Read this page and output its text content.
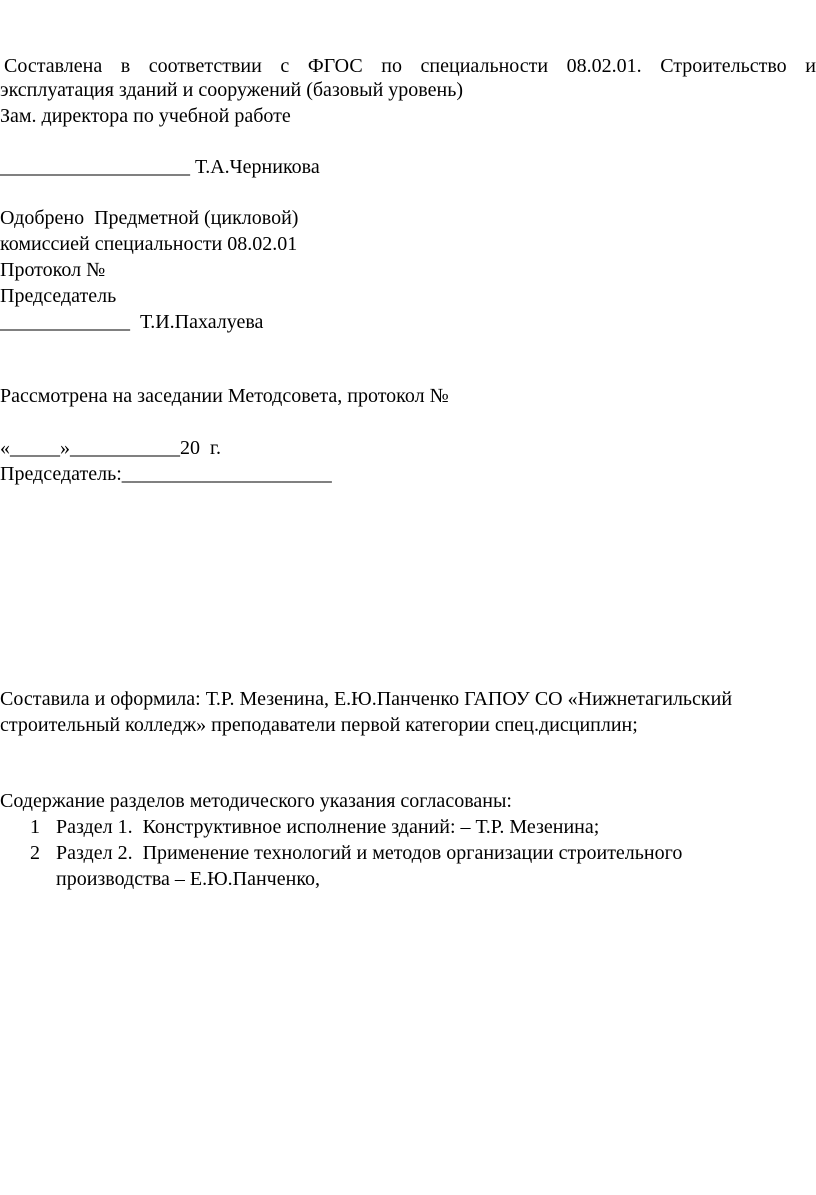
Составлена в соответствии с ФГОС по специальности 08.02.01. Строительство и
эксплуатация зданий и сооружений (базовый уровень)
Зам. директора по учебной работе
___________________ Т.А.Черникова
Одобрено  Предметной (цикловой)
комиссией специальности 08.02.01
Протокол №
Председатель
_____________  Т.И.Пахалуева
Рассмотрена на заседании Методсовета, протокол №
«_____»___________20  г.
Председатель:_____________________
Составила и оформила: Т.Р. Мезенина, Е.Ю.Панченко ГАПОУ СО «Нижнетагильский
строительный колледж» преподаватели первой категории спец.дисциплин;
Содержание разделов методического указания согласованы:
1 Раздел 1.  Конструктивное исполнение зданий: – Т.Р. Мезенина;
2 Раздел 2.  Применение технологий и методов организации строительного
производства – Е.Ю.Панченко,
